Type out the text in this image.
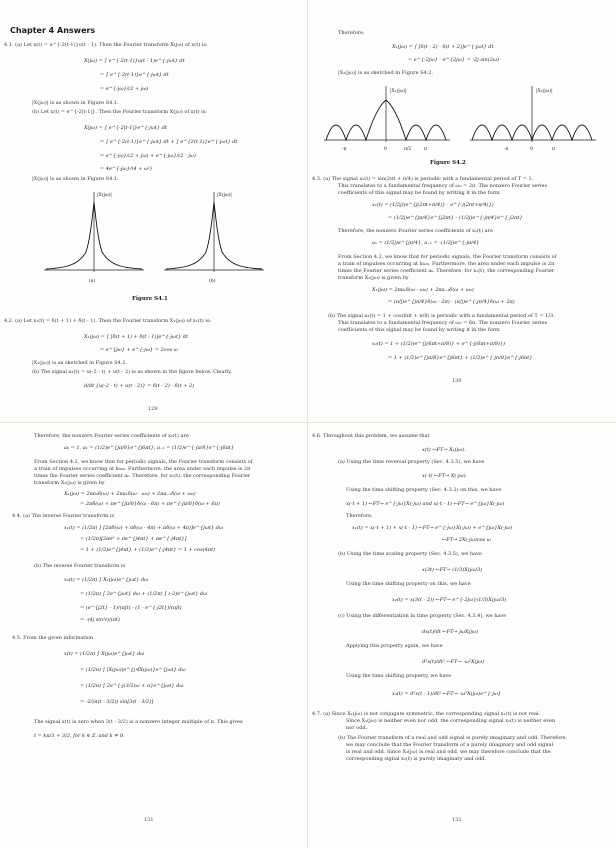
Chapter 4 Answers
4.1. (a) Let x(t) = e^{-2(t-1)}u(t - 1). Then the Fourier transform X(jω) of x(t) is:
X(jω) = ∫ e^{-2(t-1)}u(t - 1)e^{-jωt} dt
= ∫ e^{-2(t-1)}e^{-jωt} dt
= e^{-jω}/(2 + jω)
|X(jω)| is as shown in Figure S4.1.
(b) Let x(t) = e^{-2|t-1|}. Then the Fourier transform X(jω) of x(t) is:
X(jω) = ∫ e^{-2|t-1|}e^{-jωt} dt
= ∫ e^{-2(t-1)}e^{-jωt} dt + ∫ e^{2(t-1)}e^{-jωt} dt
= e^{-jω}/(2 + jω) + e^{-jω}/(2 - jω)
= 4e^{-jω}/(4 + ω²)
|X(jω)| is as shown in Figure S4.1.
|X(jω)|
(a)
|X(jω)|
(b)
Figure S4.1
4.2. (a) Let x₁(t) = δ(t + 1) + δ(t - 1). Then the Fourier transform X₁(jω) of x₁(t) is:
X₁(jω) = ∫ [δ(t + 1) + δ(t - 1)]e^{-jωt} dt
= e^{jω} + e^{-jω} = 2cos ω
|X₁(jω)| is as sketched in Figure S4.2.
(b) The signal x₂(t) = u(-2 - t) + u(t - 2) is as shown in the figure below. Clearly,
d/dt {u(-2 - t) + u(t - 2)} = δ(t - 2) - δ(t + 2)
129
Therefore,
X₂(jω) = ∫ [δ(t - 2) - δ(t + 2)]e^{-jωt} dt
= e^{-2jω} - e^{2jω} = -2j sin(2ω)
|X₂(jω)| is as sketched in Figure S4.2.
|X₁(jω)|
-π	0	π/2	π
|X₂(jω)|
-π	0	π
Figure S4.2
4.3. (a) The signal x₁(t) = sin(2πt + π/4) is periodic with a fundamental period of T = 1.
This translates to a fundamental frequency of ω₀ = 2π. The nonzero Fourier series
coefficients of this signal may be found by writing it in the form
x₁(t) = (1/2j)(e^{j(2πt+π/4)} - e^{-j(2πt+π/4)})
= (1/2j)e^{jπ/4}e^{j2πt} - (1/2j)e^{-jπ/4}e^{-j2πt}
Therefore, the nonzero Fourier series coefficients of x₁(t) are
a₁ = (1/2j)e^{jπ/4}, a₋₁ = -(1/2j)e^{-jπ/4}
From Section 4.2, we know that for periodic signals, the Fourier transform consists of
a train of impulses occurring at kω₀. Furthermore, the area under each impulse is 2π
times the Fourier series coefficient aₖ. Therefore, for x₁(t), the corresponding Fourier
transform X₁(jω) is given by
X₁(jω) = 2πa₁δ(ω - ω₀) + 2πa₋₁δ(ω + ω₀)
= (π/j)e^{jπ/4}δ(ω - 2π) - (π/j)e^{-jπ/4}δ(ω + 2π)
(b) The signal x₂(t) = 1 + cos(6πt + π/8) is periodic with a fundamental period of T = 1/3.
This translates to a fundamental frequency of ω₀ = 6π. The nonzero Fourier series
coefficients of this signal may be found by writing it in the form
x₂(t) = 1 + (1/2)(e^{j(6πt+π/8)} + e^{-j(6πt+π/8)})
= 1 + (1/2)e^{jπ/8}e^{j6πt} + (1/2)e^{-jπ/8}e^{-j6πt}
130
Therefore, the nonzero Fourier series coefficients of x₂(t) are
a₀ = 1, a₁ = (1/2)e^{jπ/8}e^{j6πt}, a₋₁ = (1/2)e^{-jπ/8}e^{-j6πt}
From Section 4.2, we know that for periodic signals, the Fourier transform consists of
a train of impulses occurring at kω₀. Furthermore, the area under each impulse is 2π
times the Fourier series coefficient aₖ. Therefore, for x₂(t), the corresponding Fourier
transform X₂(jω) is given by
X₂(jω) = 2πa₀δ(ω) + 2πa₁δ(ω - ω₀) + 2πa₋₁δ(ω + ω₀)
= 2πδ(ω) + πe^{jπ/8}δ(ω - 6π) + πe^{-jπ/8}δ(ω + 6π)
4.4. (a) The inverse Fourier transform is
x₁(t) = (1/2π) ∫ [2πδ(ω) + πδ(ω - 4π) + πδ(ω + 4π)]e^{jωt} dω
= (1/2π)[2πe⁰ + πe^{j4πt} + πe^{-j4πt}]
= 1 + (1/2)e^{j4πt} + (1/2)e^{-j4πt} = 1 + cos(4πt)
(b) The inverse Fourier transform is
x₂(t) = (1/2π) ∫ X₂(jω)e^{jωt} dω
= (1/2π) ∫ 2e^{jωt} dω + (1/2π) ∫ (-2)e^{jωt} dω
= (e^{j2t} - 1)/(πjt) - (1 - e^{-j2t})/(πjt)
= -(4j sin²t)/(πt)
4.5. From the given information
x(t) = (1/2π) ∫ X(jω)e^{jωt} dω
= (1/2π) ∫ |X(jω)|e^{j∢X(jω)}e^{jωt} dω
= (1/2π) ∫ 2e^{-j(3/2)ω + π}e^{jωt} dω
= -2/(π(t - 3/2)) sin[3(t - 3/2)]
The signal x(t) is zero when 3(t - 3/2) is a nonzero integer multiple of π. This gives
t = kπ/3 + 3/2, for k ∈ Z, and k ≠ 0.
131
4.6. Throughout this problem, we assume that
x(t) ←FT→ X₁(jω).
(a) Using the time reversal property (Sec. 4.3.5), we have
x(-t) ←FT→ X(-jω).
Using the time shifting property (Sec. 4.3.2) on this, we have
x(-t + 1) ←FT→ e^{-jω}X(-jω) and x(-t - 1) ←FT→ e^{jω}X(-jω)
Therefore,
x₁(t) = x(-t + 1) + x(-t - 1) ←FT→ e^{-jω}X(-jω) + e^{jω}X(-jω)
←FT→ 2X(-jω)cos ω
(b) Using the time scaling property (Sec. 4.3.5), we have
x(3t) ←FT→ (1/3)X(jω/3)
Using the time shifting property on this, we have
x₂(t) = x(3(t - 2)) ←FT→ e^{-2jω}(1/3)X(jω/3)
(c) Using the differentiation in time property (Sec. 4.3.4), we have
dx(t)/dt ←FT→ jωX(jω)
Applying this property again, we have
d²x(t)/dt² ←FT→ -ω²X(jω)
Using the time shifting property, we have
x₃(t) = d²x(t - 1)/dt² ←FT→ -ω²X(jω)e^{-jω}
4.7. (a) Since X₁(jω) is not conjugate symmetric, the corresponding signal x₁(t) is not real.
Since X₁(jω) is neither even nor odd, the corresponding signal x₁(t) is neither even
nor odd.
(b) The Fourier transform of a real and odd signal is purely imaginary and odd. Therefore,
we may conclude that the Fourier transform of a purely imaginary and odd signal
is real and odd. Since X₂(jω) is real and odd, we may therefore conclude that the
corresponding signal x₂(t) is purely imaginary and odd.
132
